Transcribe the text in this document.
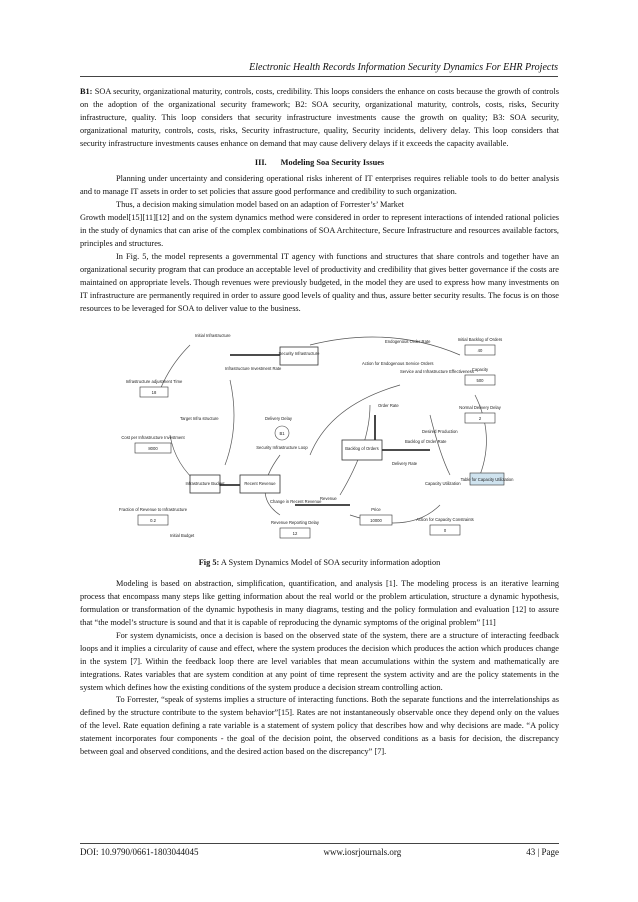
Electronic Health Records Information Security Dynamics For EHR Projects

B1: SOA security, organizational maturity, controls, costs, credibility. This loops considers the enhance on costs because the growth of controls on the adoption of the organizational security framework; B2: SOA security, organizational maturity, controls, costs, risks, Security infrastructure, quality. This loop considers that security infrastructure investments cause the growth on quality; B3: SOA security, organizational maturity, controls, costs, risks, Security infrastructure, quality, Security incidents, delivery delay. This loop considers that security infrastructure investments causes enhance on demand that may cause delivery delays if it exceeds the capacity available.

III. Modeling Soa Security Issues

Planning under uncertainty and considering operational risks inherent of IT enterprises requires reliable tools to do better analysis and to manage IT assets in order to set policies that assure good performance and credibility to such organization.

Thus, a decision making simulation model based on an adaption of Forrester’s’ Market

Growth model[15][11][12] and on the system dynamics method were considered in order to represent interactions of intended rational policies in the study of dynamics that can arise of the complex combinations of SOA Architecture, Secure Infrastructure and resources available factors, principles and structures.

In Fig. 5, the model represents a governmental IT agency with functions and structures that share controls and together have an organizational security program that can produce an acceptable level of productivity and credibility that gives better governance if the costs are maintained on appropriate levels. Though revenues were previously budgeted, in the model they are used to express how many investments on IT infrastructure are permanently required in order to assure good levels of quality and thus, assure better security results. The focus is on those resources to be leveraged for SOA to deliver value to the business.

Security Infrastructure
Backlog of Orders
Recent Revenue
Infrastructure Budget
18
Infrastructure adjustment Time
8000
Cost per Infrastructure Investment
0.2
Fraction of Revenue to Infrastructure
12
Revenue Reporting Delay	10000
Price
0
Action for Capacity Constraints
40
Initial Backlog of Orders
500
Capacity
2
Normal Delivery Delay
Table for Capacity Utilization
Initial Infrastructure
Infrastructure Investment Rate
Target Infra structure
Initial Budget
Change in Recent Revenue
Revenue
Delivery Delay
Endogenous Order Rate
Action for Endogenous Service Orders
Order Rate
Service and Infrastructure Effectiveness
Desired Production
Delivery Rate
Capacity Utilization
Backlog of Order Rate
B1
Security Infrastructure Loop

Fig 5: A System Dynamics Model of SOA security information adoption

Modeling is based on abstraction, simplification, quantification, and analysis [1]. The modeling process is an iterative learning process that encompass many steps like getting information about the real world or the problem articulation, structure a dynamic hypothesis, formulation or transformation of the dynamic hypothesis in many diagrams, testing and the policy formulation and evaluation [12] to assure that “the model’s structure is sound and that it is capable of reproducing the dynamic symptoms of the original problem” [11]

For system dynamicists, once a decision is based on the observed state of the system, there are a structure of interacting feedback loops and it implies a circularity of cause and effect, where the system produces the decision which produces the action which produces change in the system [7]. Within the feedback loop there are level variables that mean accumulations within the system and mathematically are integrations. Rates variables that are system condition at any point of time represent the system activity and are the policy statements in the system which defines how the existing conditions of the system produce a decision stream controlling action.

To Forrester, “speak of systems implies a structure of interacting functions. Both the separate functions and the interrelationships as defined by the structure contribute to the system behavior”[15]. Rates are not instantaneously observable once they depend only on the values of the level. Rate equation defining a rate variable is a statement of system policy that describes how and why decisions are made. “A policy statement incorporates four components - the goal of the decision point, the observed conditions as a basis for decision, the discrepancy between goal and observed conditions, and the desired action based on the discrepancy” [7].

DOI: 10.9790/0661-1803044045	www.iosrjournals.org	43 | Page
